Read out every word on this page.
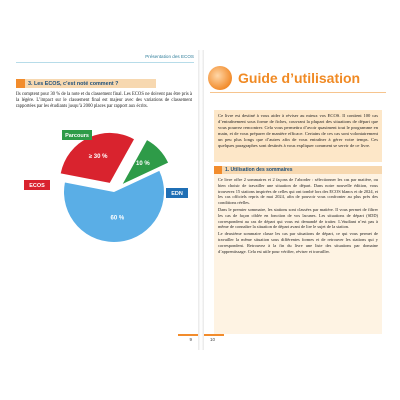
Présentation des ECOS
3. Les ECOS, c’est noté comment ?
Ils comptent pour 30 % de la note et du classement final. Les ECOS ne doivent pas être pris à la légère. L’impact sur le classement final est majeur avec des variations de classement rapportées par les étudiants jusqu’à 2000 places par rapport aux écrits.
60 %
≥ 30 %
10 %
Parcours
ECOS
EDN
9
Guide d’utilisation

Ce livre est destiné à vous aider à réviser au mieux vos ECOS. Il contient 100 cas d’entraînement sous forme de fiches, couvrant la plupart des situations de départ que vous pourrez rencontrer. Cela vous permettra d’avoir quasiment tout le programme en main, et de vous préparer de manière efficace. Certains de ces cas sont volontairement un peu plus longs que d’autres afin de vous entraîner à gérer votre temps. Ces quelques paragraphes sont destinés à vous expliquer comment se servir de ce livre.

1. Utilisation des sommaires

Ce livre offre 2 sommaires et 2 façons de l’aborder : sélectionner les cas par matière, ou bien choisir de travailler une situation de départ. Dans notre nouvelle édition, vous trouverez 15 stations inspirées de celles qui ont tombé lors des ECOS blancs et de 2024, et les cas officiels repris de mai 2024, afin de pouvoir vous confronter au plus près des conditions réelles.

Dans le premier sommaire, les stations sont classées par matière. Il vous permet de filtrer les cas de façon ciblée en fonction de vos lacunes. Les situations de départ (SDD) correspondent au cas de départ qui vous est demandé de traiter. L’étudiant n’est pas à même de connaître la situation de départ avant de lire le sujet de la station.

Le deuxième sommaire classe les cas par situations de départ, ce qui vous permet de travailler la même situation sous différentes formes et de retrouver les stations qui y correspondent. Retrouvez à la fin du livre une liste des situations par domaine d’apprentissage. Cela est utile pour vérifier, réviser et travailler.

10
